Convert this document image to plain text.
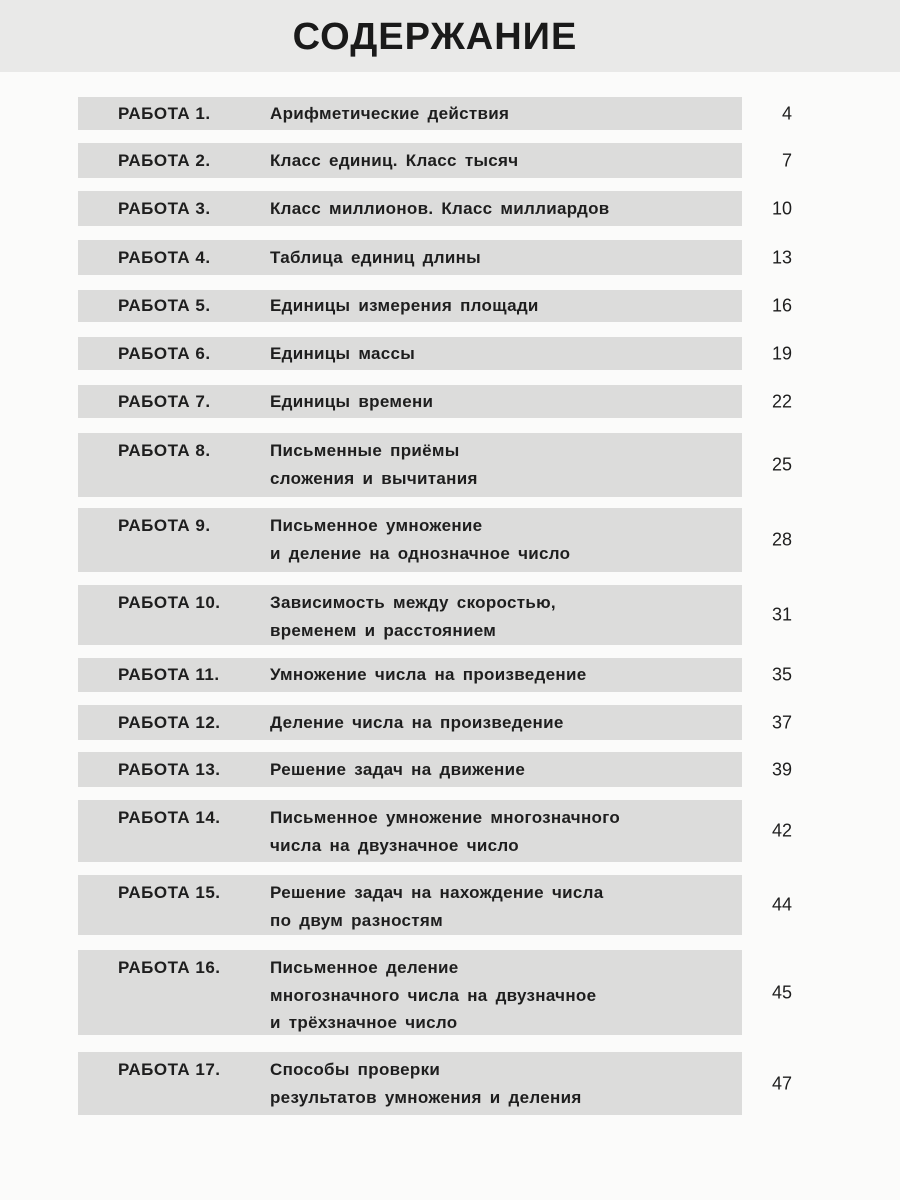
СОДЕРЖАНИЕ
РАБОТА 1.	Арифметические действия	4
РАБОТА 2.	Класс единиц. Класс тысяч	7
РАБОТА 3.	Класс миллионов. Класс миллиардов	10
РАБОТА 4.	Таблица единиц длины	13
РАБОТА 5.	Единицы измерения площади	16
РАБОТА 6.	Единицы массы	19
РАБОТА 7.	Единицы времени	22
РАБОТА 8.	Письменные приёмы
сложения и вычитания
25
РАБОТА 9.	Письменное умножение
и деление на однозначное число
28
РАБОТА 10.	Зависимость между скоростью,
временем и расстоянием
31
РАБОТА 11.	Умножение числа на произведение	35
РАБОТА 12.	Деление числа на произведение	37
РАБОТА 13.	Решение задач на движение	39
РАБОТА 14.	Письменное умножение многозначного
числа на двузначное число
42
РАБОТА 15.	Решение задач на нахождение числа
по двум разностям
44
РАБОТА 16.	Письменное деление
многозначного числа на двузначное
и трёхзначное число
45
РАБОТА 17.	Способы проверки
результатов умножения и деления
47
